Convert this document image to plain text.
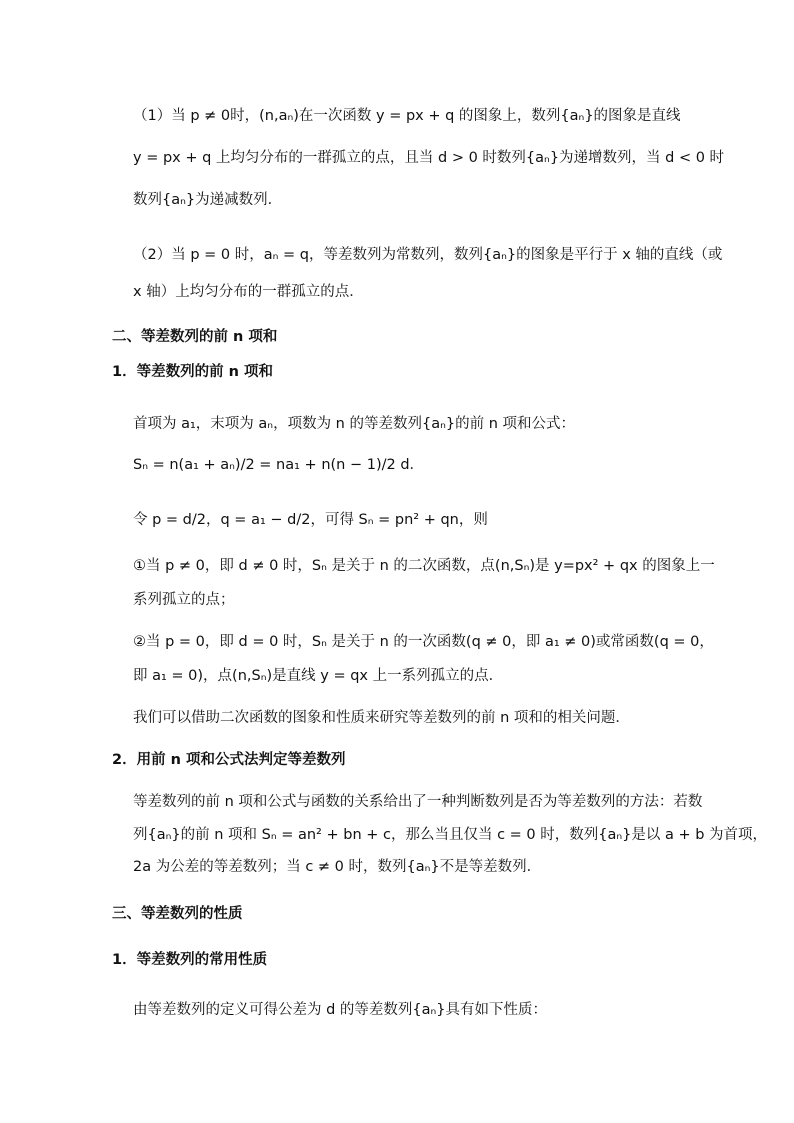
（1）当 p ≠ 0时，(n,aₙ)在一次函数 y = px + q 的图象上，数列{aₙ}的图象是直线
y = px + q 上均匀分布的一群孤立的点，且当 d > 0 时数列{aₙ}为递增数列，当 d < 0 时
数列{aₙ}为递减数列．
（2）当 p = 0 时，aₙ = q，等差数列为常数列，数列{aₙ}的图象是平行于 x 轴的直线（或
x 轴）上均匀分布的一群孤立的点．
二、等差数列的前 n 项和
1．等差数列的前 n 项和
首项为 a₁，末项为 aₙ，项数为 n 的等差数列{aₙ}的前 n 项和公式：
Sₙ = n(a₁ + aₙ)/2 = na₁ + n(n − 1)/2 d．
令 p = d/2，q = a₁ − d/2，可得 Sₙ = pn² + qn，则
①当 p ≠ 0，即 d ≠ 0 时，Sₙ 是关于 n 的二次函数，点(n,Sₙ)是 y=px² + qx 的图象上一
系列孤立的点；
②当 p = 0，即 d = 0 时，Sₙ 是关于 n 的一次函数(q ≠ 0，即 a₁ ≠ 0)或常函数(q = 0，
即 a₁ = 0)，点(n,Sₙ)是直线 y = qx 上一系列孤立的点．
我们可以借助二次函数的图象和性质来研究等差数列的前 n 项和的相关问题．
2．用前 n 项和公式法判定等差数列
等差数列的前 n 项和公式与函数的关系给出了一种判断数列是否为等差数列的方法：若数
列{aₙ}的前 n 项和 Sₙ = an² + bn + c，那么当且仅当 c = 0 时，数列{aₙ}是以 a + b 为首项，
2a 为公差的等差数列；当 c ≠ 0 时，数列{aₙ}不是等差数列．
三、等差数列的性质
1．等差数列的常用性质
由等差数列的定义可得公差为 d 的等差数列{aₙ}具有如下性质：
